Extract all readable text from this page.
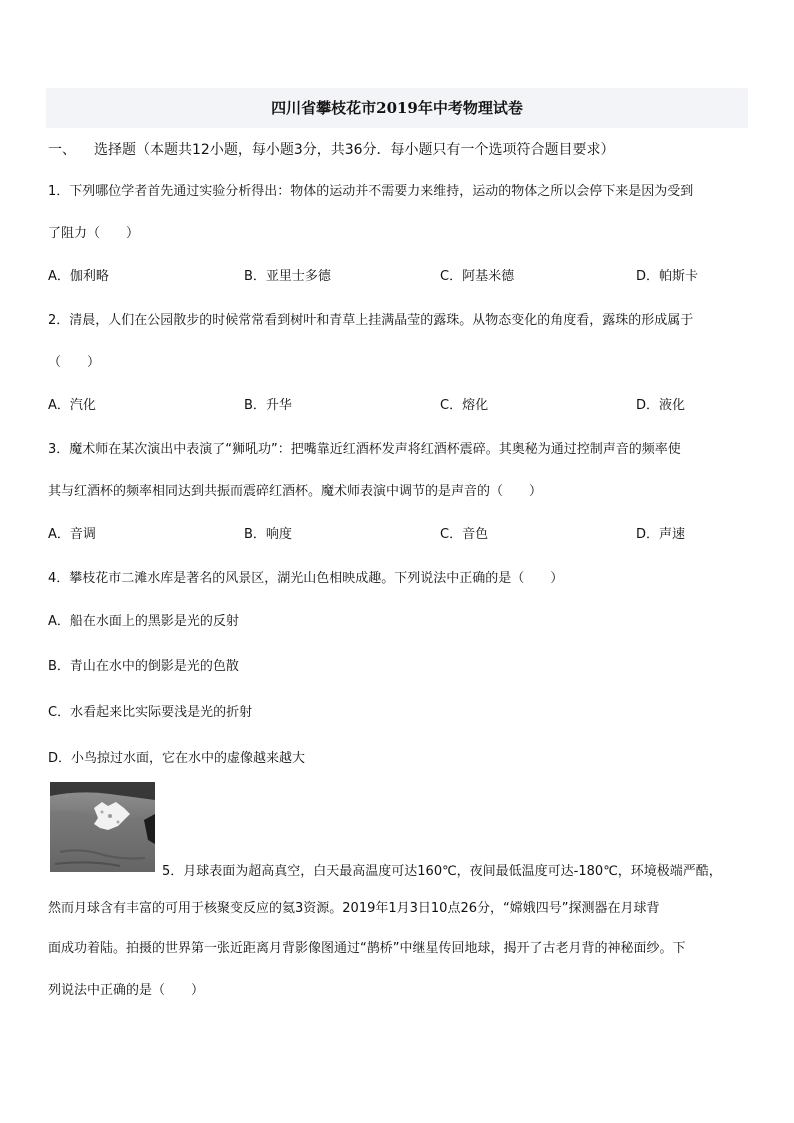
四川省攀枝花市2019年中考物理试卷
一、 选择题（本题共12小题，每小题3分，共36分．每小题只有一个选项符合题目要求）
1．下列哪位学者首先通过实验分析得出：物体的运动并不需要力来维持，运动的物体之所以会停下来是因为受到
了阻力（　　）
A．伽利略	B．亚里士多德	C．阿基米德	D．帕斯卡
2．清晨，人们在公园散步的时候常常看到树叶和青草上挂满晶莹的露珠。从物态变化的角度看，露珠的形成属于
（　　）
A．汽化	B．升华	C．熔化	D．液化
3．魔术师在某次演出中表演了“狮吼功”：把嘴靠近红酒杯发声将红酒杯震碎。其奥秘为通过控制声音的频率使
其与红酒杯的频率相同达到共振而震碎红酒杯。魔术师表演中调节的是声音的（　　）
A．音调	B．响度	C．音色	D．声速
4．攀枝花市二滩水库是著名的风景区，湖光山色相映成趣。下列说法中正确的是（　　）
A．船在水面上的黑影是光的反射
B．青山在水中的倒影是光的色散
C．水看起来比实际要浅是光的折射
D．小鸟掠过水面，它在水中的虚像越来越大
5．月球表面为超高真空，白天最高温度可达160℃，夜间最低温度可达-180℃，环境极端严酷，
然而月球含有丰富的可用于核聚变反应的氦3资源。2019年1月3日10点26分，“嫦娥四号”探测器在月球背
面成功着陆。拍摄的世界第一张近距离月背影像图通过“鹊桥”中继星传回地球，揭开了古老月背的神秘面纱。下
列说法中正确的是（　　）
